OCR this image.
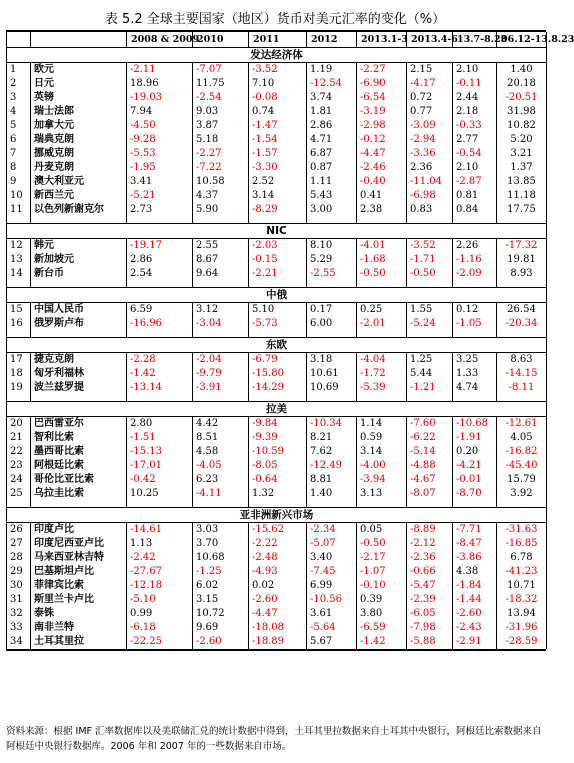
表 5.2 全球主要国家（地区）货币对美元汇率的变化（%）
		2008 & 2009	2010	2011	2012	2013.1-3	2013.4-6	13.7-8.23	06.12-13.8.23
发达经济体									
1	欧元	-2.11	-7.07	-3.52	1.19	-2.27	2.15	2.10	1.40
2	日元	18.96	11.75	7.10	-12.54	-6.90	-4.17	-0.11	20.18
3	英镑	-19.03	-2.54	-0.08	3.74	-6.54	0.72	2.44	-20.51
4	瑞士法郎	7.94	9.03	0.74	1.81	-3.19	0.77	2.18	31.98
5	加拿大元	-4.50	3.87	-1.47	2.86	-2.98	-3.09	-0.33	10.82
6	瑞典克朗	-9.28	5.18	-1.54	4.71	-0.12	-2.94	2.77	5.20
7	挪威克朗	-5.53	-2.27	-1.57	6.87	-4.47	-3.36	-0.54	3.21
8	丹麦克朗	-1.95	-7.22	-3.30	0.87	-2.46	2.36	2.10	1.37
9	澳大利亚元	3.41	10.58	2.52	1.11	-0.40	-11.04	-2.87	13.85
10	新西兰元	-5.21	4.37	3.14	5.43	0.41	-6.98	0.81	11.18
11	以色列新谢克尔	2.73	5.90	-8.29	3.00	2.38	0.83	0.84	17.75

NIC									
12	韩元	-19.17	2.55	-2.03	8.10	-4.01	-3.52	2.26	-17.32
13	新加坡元	2.86	8.67	-0.15	5.29	-1.68	-1.71	-1.16	19.81
14	新台币	2.54	9.64	-2.21	-2.55	-0.50	-0.50	-2.09	8.93

中俄									
15	中国人民币	6.59	3.12	5.10	0.17	0.25	1.55	0.12	26.54
16	俄罗斯卢布	-16.96	-3.04	-5.73	6.00	-2.01	-5.24	-1.05	-20.34

东欧									
17	捷克克朗	-2.28	-2.04	-6.79	3.18	-4.04	1.25	3.25	8.63
18	匈牙利福林	-1.42	-9.79	-15.80	10.61	-1.72	5.44	1.33	-14.15
19	波兰兹罗提	-13.14	-3.91	-14.29	10.69	-5.39	-1.21	4.74	-8.11

拉美									
20	巴西雷亚尔	2.80	4.42	-9.84	-10.34	1.14	-7.60	-10.68	-12.61
21	智利比索	-1.51	8.51	-9.39	8.21	0.59	-6.22	-1.91	4.05
22	墨西哥比索	-15.13	4.58	-10.59	7.62	3.14	-5.14	0.20	-16.82
23	阿根廷比索	-17.01	-4.05	-8.05	-12.49	-4.00	-4.88	-4.21	-45.40
24	哥伦比亚比索	-0.42	6.23	-0.64	8.81	-3.94	-4.67	-0.01	15.79
25	乌拉圭比索	10.25	-4.11	1.32	1.40	3.13	-8.07	-8.70	3.92

亚非洲新兴市场									
26	印度卢比	-14.61	3.03	-15.62	-2.34	0.05	-8.89	-7.71	-31.63
27	印度尼西亚卢比	1.13	3.70	-2.22	-5.07	-0.50	-2.12	-8.47	-16.85
28	马来西亚林吉特	-2.42	10.68	-2.48	3.40	-2.17	-2.36	-3.86	6.78
29	巴基斯坦卢比	-27.67	-1.25	-4.93	-7.45	-1.07	-0.66	4.38	-41.23
30	菲律宾比索	-12.18	6.02	0.02	6.99	-0.10	-5.47	-1.84	10.71
31	斯里兰卡卢比	-5.10	3.15	-2.60	-10.56	0.39	-2.39	-1.44	-18.32
32	泰铢	0.99	10.72	-4.47	3.61	3.80	-6.05	-2.60	13.94
33	南非兰特	-6.18	9.69	-18.08	-5.64	-6.59	-7.98	-2.43	-31.96
34	土耳其里拉	-22.25	-2.60	-18.89	5.67	-1.42	-5.88	-2.91	-28.59
资料来源：根据 IMF 汇率数据库以及美联储汇兑的统计数据中得到，土耳其里拉数据来自土耳其中央银行，阿根廷比索数据来自阿根廷中央银行数据库。2006 年和 2007 年的一些数据来自市场。
